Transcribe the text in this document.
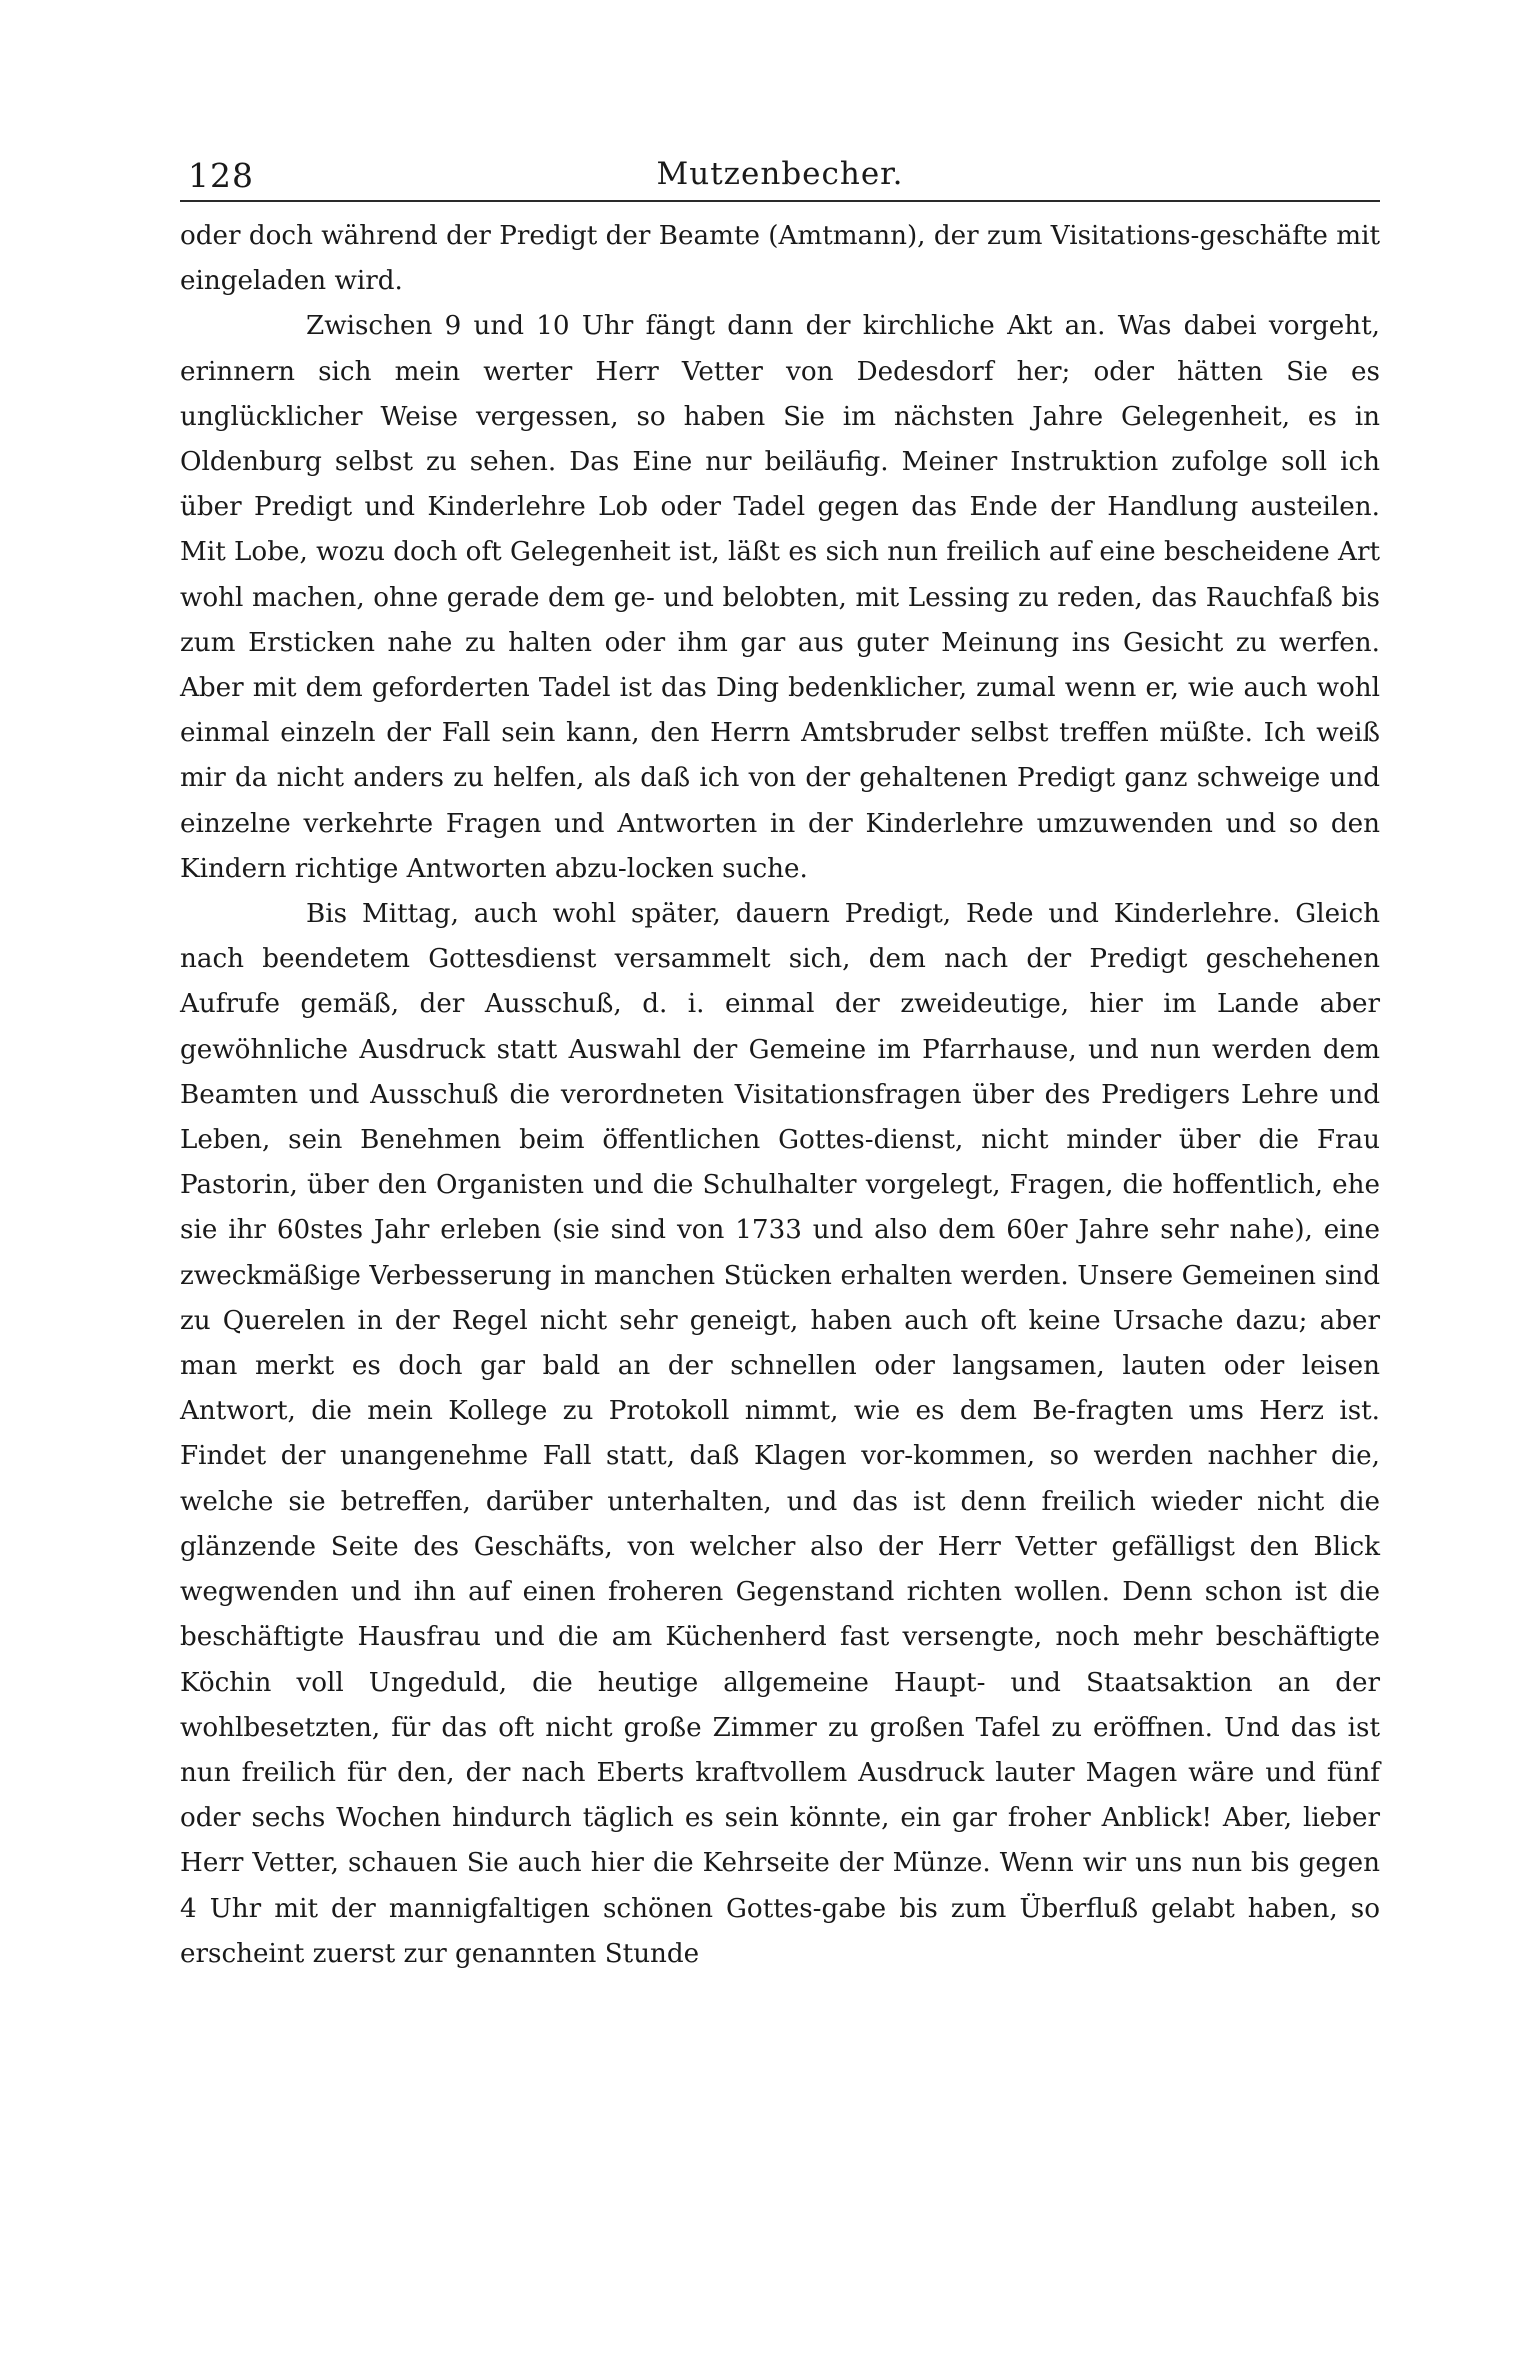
128	Mutzenbecher.

oder doch während der Predigt der Beamte (Amtmann), der zum Visitations-geschäfte mit eingeladen wird.

Zwischen 9 und 10 Uhr fängt dann der kirchliche Akt an. Was dabei vorgeht, erinnern sich mein werter Herr Vetter von Dedesdorf her; oder hätten Sie es unglücklicher Weise vergessen, so haben Sie im nächsten Jahre Gelegenheit, es in Oldenburg selbst zu sehen. Das Eine nur beiläufig. Meiner Instruktion zufolge soll ich über Predigt und Kinderlehre Lob oder Tadel gegen das Ende der Handlung austeilen. Mit Lobe, wozu doch oft Gelegenheit ist, läßt es sich nun freilich auf eine bescheidene Art wohl machen, ohne gerade dem ge- und belobten, mit Lessing zu reden, das Rauchfaß bis zum Ersticken nahe zu halten oder ihm gar aus guter Meinung ins Gesicht zu werfen. Aber mit dem geforderten Tadel ist das Ding bedenklicher, zumal wenn er, wie auch wohl einmal einzeln der Fall sein kann, den Herrn Amtsbruder selbst treffen müßte. Ich weiß mir da nicht anders zu helfen, als daß ich von der gehaltenen Predigt ganz schweige und einzelne verkehrte Fragen und Antworten in der Kinderlehre umzuwenden und so den Kindern richtige Antworten abzu-locken suche.

Bis Mittag, auch wohl später, dauern Predigt, Rede und Kinderlehre. Gleich nach beendetem Gottesdienst versammelt sich, dem nach der Predigt geschehenen Aufrufe gemäß, der Ausschuß, d. i. einmal der zweideutige, hier im Lande aber gewöhnliche Ausdruck statt Auswahl der Gemeine im Pfarrhause, und nun werden dem Beamten und Ausschuß die verordneten Visitationsfragen über des Predigers Lehre und Leben, sein Benehmen beim öffentlichen Gottes-dienst, nicht minder über die Frau Pastorin, über den Organisten und die Schulhalter vorgelegt, Fragen, die hoffentlich, ehe sie ihr 60stes Jahr erleben (sie sind von 1733 und also dem 60er Jahre sehr nahe), eine zweckmäßige Verbesserung in manchen Stücken erhalten werden. Unsere Gemeinen sind zu Querelen in der Regel nicht sehr geneigt, haben auch oft keine Ursache dazu; aber man merkt es doch gar bald an der schnellen oder langsamen, lauten oder leisen Antwort, die mein Kollege zu Protokoll nimmt, wie es dem Be-fragten ums Herz ist. Findet der unangenehme Fall statt, daß Klagen vor-kommen, so werden nachher die, welche sie betreffen, darüber unterhalten, und das ist denn freilich wieder nicht die glänzende Seite des Geschäfts, von welcher also der Herr Vetter gefälligst den Blick wegwenden und ihn auf einen froheren Gegenstand richten wollen. Denn schon ist die beschäftigte Hausfrau und die am Küchenherd fast versengte, noch mehr beschäftigte Köchin voll Ungeduld, die heutige allgemeine Haupt- und Staatsaktion an der wohlbesetzten, für das oft nicht große Zimmer zu großen Tafel zu eröffnen. Und das ist nun freilich für den, der nach Eberts kraftvollem Ausdruck lauter Magen wäre und fünf oder sechs Wochen hindurch täglich es sein könnte, ein gar froher Anblick! Aber, lieber Herr Vetter, schauen Sie auch hier die Kehrseite der Münze. Wenn wir uns nun bis gegen 4 Uhr mit der mannigfaltigen schönen Gottes-gabe bis zum Überfluß gelabt haben, so erscheint zuerst zur genannten Stunde
